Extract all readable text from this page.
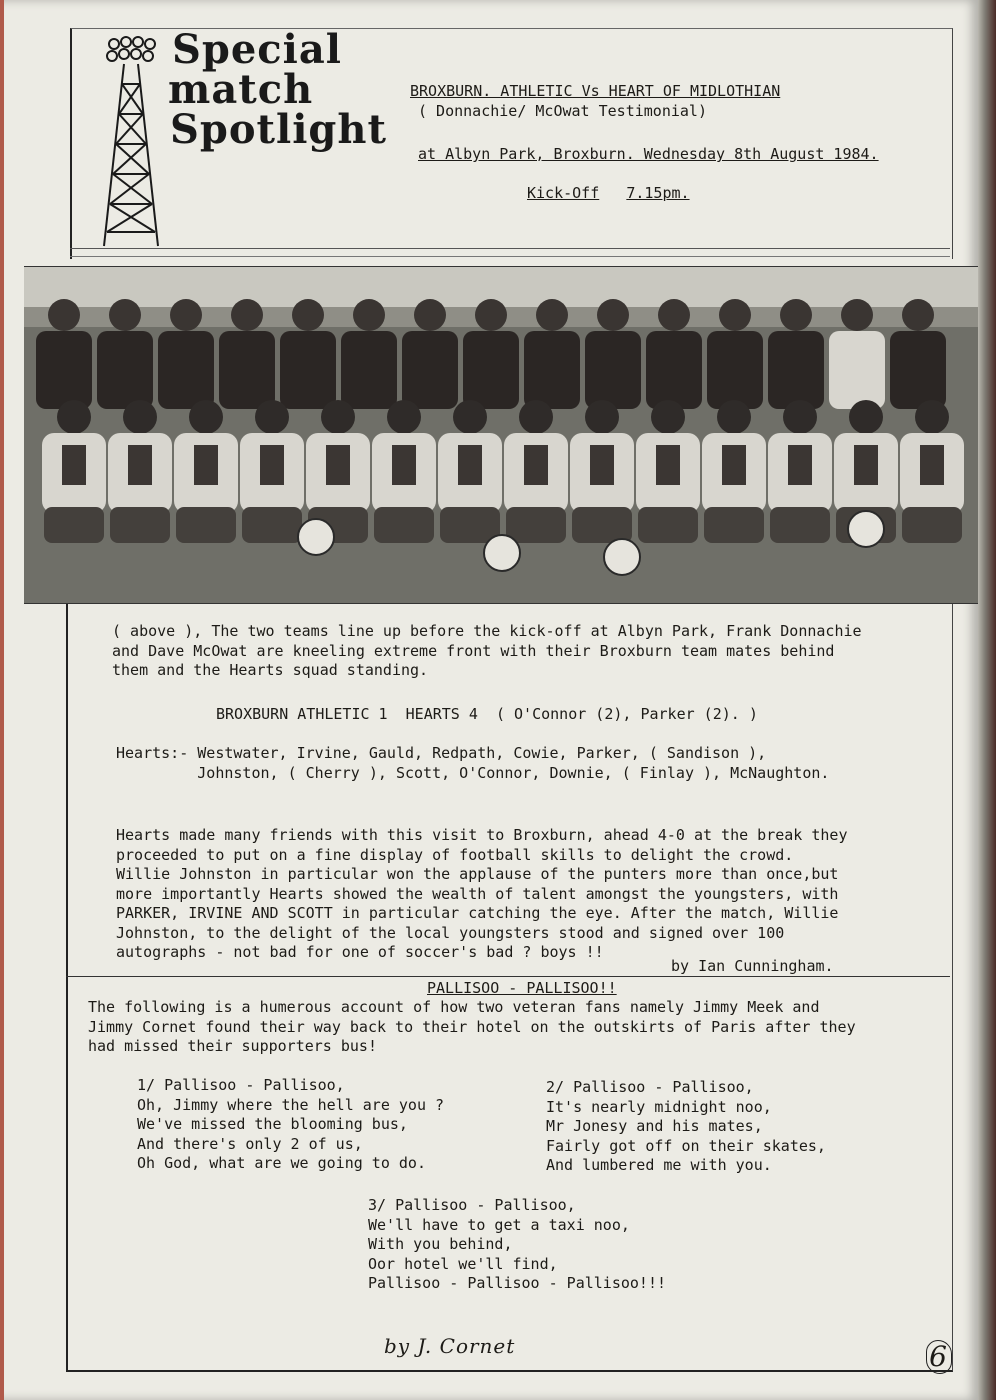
Special
match
Spotlight
BROXBURN. ATHLETIC Vs HEART OF MIDLOTHIAN
( Donnachie/ McOwat Testimonial)
at Albyn Park, Broxburn. Wednesday 8th August 1984.
Kick-Off 7.15pm.
( above ), The two teams line up before the kick-off at Albyn Park, Frank Donnachie
and Dave McOwat are kneeling extreme front with their Broxburn team mates behind
them and the Hearts squad standing.
BROXBURN ATHLETIC 1  HEARTS 4  ( O'Connor (2), Parker (2). )
Hearts:- Westwater, Irvine, Gauld, Redpath, Cowie, Parker, ( Sandison ),
Johnston, ( Cherry ), Scott, O'Connor, Downie, ( Finlay ), McNaughton.
Hearts made many friends with this visit to Broxburn, ahead 4-0 at the break they
proceeded to put on a fine display of football skills to delight the crowd.
Willie Johnston in particular won the applause of the punters more than once,but
more importantly Hearts showed the wealth of talent amongst the youngsters, with
PARKER, IRVINE AND SCOTT in particular catching the eye. After the match, Willie
Johnston, to the delight of the local youngsters stood and signed over 100
autographs - not bad for one of soccer's bad ? boys !!
by Ian Cunningham.
PALLISOO - PALLISOO!!
The following is a humerous account of how two veteran fans namely Jimmy Meek and
Jimmy Cornet found their way back to their hotel on the outskirts of Paris after they
had missed their supporters bus!
1/ Pallisoo - Pallisoo,
Oh, Jimmy where the hell are you ?
We've missed the blooming bus,
And there's only 2 of us,
Oh God, what are we going to do.
2/ Pallisoo - Pallisoo,
It's nearly midnight noo,
Mr Jonesy and his mates,
Fairly got off on their skates,
And lumbered me with you.
3/ Pallisoo - Pallisoo,
We'll have to get a taxi noo,
With you behind,
Oor hotel we'll find,
Pallisoo - Pallisoo - Pallisoo!!!
by J. Cornet	6
